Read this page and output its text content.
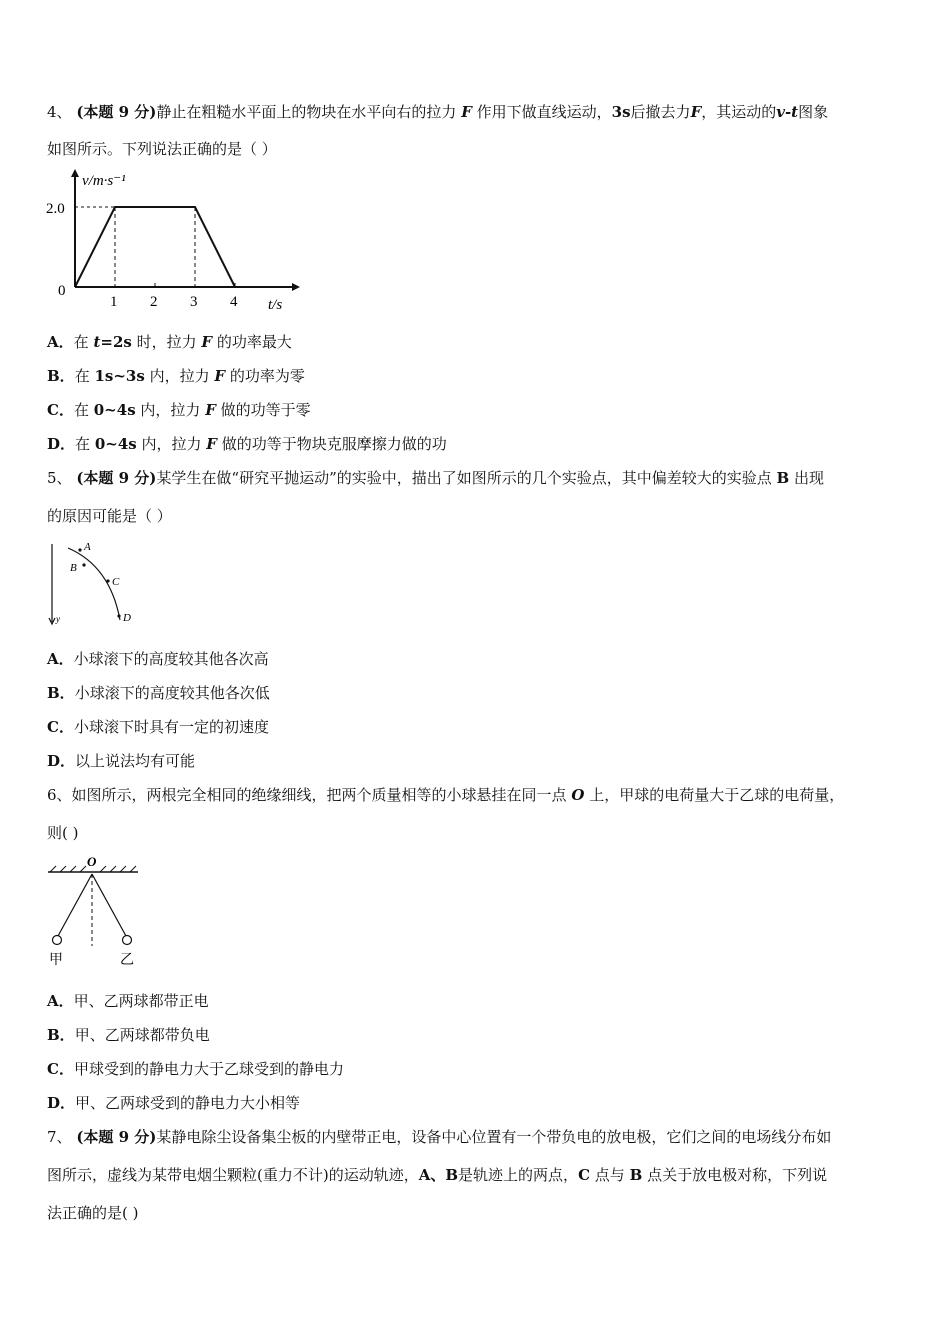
4、 (本题 9 分)静止在粗糙水平面上的物块在水平向右的拉力 F 作用下做直线运动，3s后撤去力F，其运动的v-t图象
如图所示。下列说法正确的是（ ）
v/m·s⁻¹
t/s
0
2.0
1 2 3 4
A．在 t=2s 时，拉力 F 的功率最大
B．在 1s~3s 内，拉力 F 的功率为零
C．在 0~4s 内，拉力 F 做的功等于零
D．在 0~4s 内，拉力 F 做的功等于物块克服摩擦力做的功
5、 (本题 9 分)某学生在做“研究平抛运动”的实验中，描出了如图所示的几个实验点，其中偏差较大的实验点 B 出现
的原因可能是（ ）
y
A
B
C
D
A．小球滚下的高度较其他各次高
B．小球滚下的高度较其他各次低
C．小球滚下时具有一定的初速度
D．以上说法均有可能
6、如图所示，两根完全相同的绝缘细线，把两个质量相等的小球悬挂在同一点 O 上，甲球的电荷量大于乙球的电荷量，
则( )
O
甲	乙
A．甲、乙两球都带正电
B．甲、乙两球都带负电
C．甲球受到的静电力大于乙球受到的静电力
D．甲、乙两球受到的静电力大小相等
7、 (本题 9 分)某静电除尘设备集尘板的内壁带正电，设备中心位置有一个带负电的放电极，它们之间的电场线分布如
图所示，虚线为某带电烟尘颗粒(重力不计)的运动轨迹，A、B是轨迹上的两点，C 点与 B 点关于放电极对称，下列说
法正确的是( )
